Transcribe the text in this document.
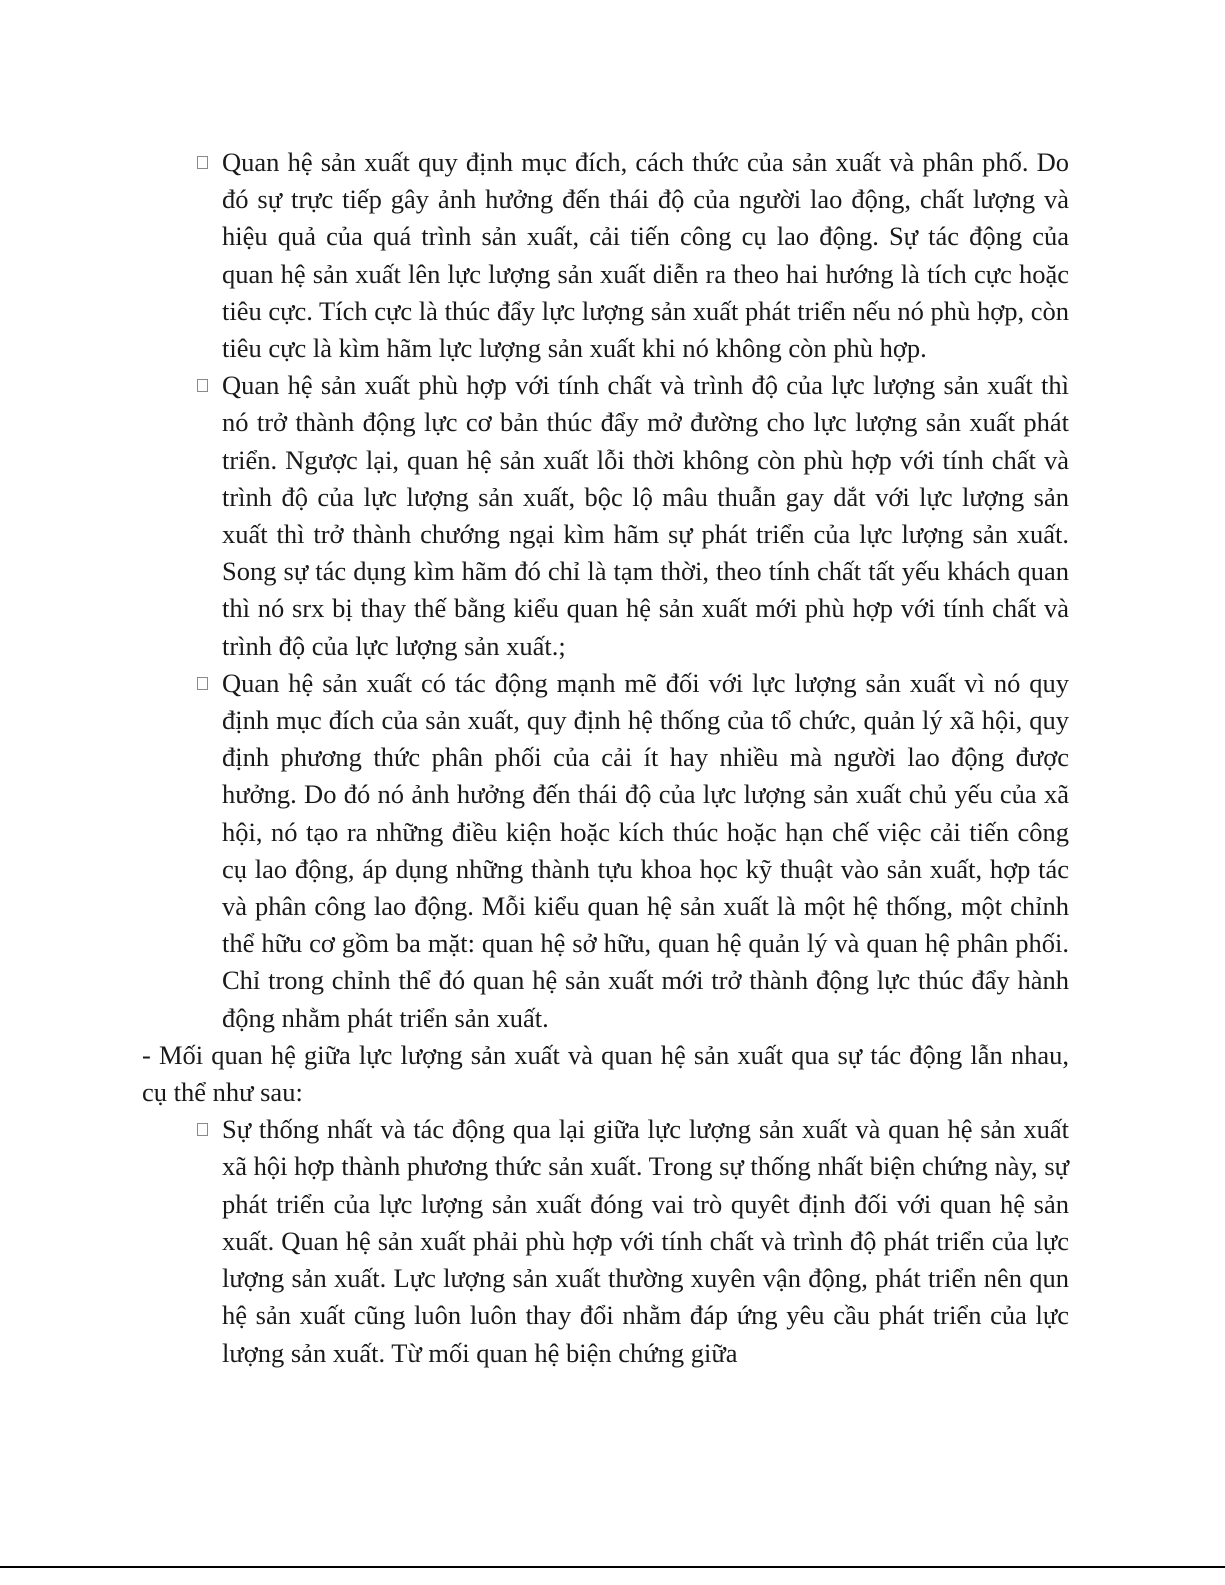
Quan hệ sản xuất quy định mục đích, cách thức của sản xuất và phân phố. Do đó sự trực tiếp gây ảnh hưởng đến thái độ của người lao động, chất lượng và hiệu quả của quá trình sản xuất, cải tiến công cụ lao động. Sự tác động của quan hệ sản xuất lên lực lượng sản xuất diễn ra theo hai hướng là tích cực hoặc tiêu cực. Tích cực là thúc đẩy lực lượng sản xuất phát triển nếu nó phù hợp, còn tiêu cực là kìm hãm lực lượng sản xuất khi nó không còn phù hợp.
Quan hệ sản xuất phù hợp với tính chất và trình độ của lực lượng sản xuất thì nó trở thành động lực cơ bản thúc đẩy mở đường cho lực lượng sản xuất phát triển. Ngược lại, quan hệ sản xuất lỗi thời không còn phù hợp với tính chất và trình độ của lực lượng sản xuất, bộc lộ mâu thuẫn gay dắt với lực lượng sản xuất thì trở thành chướng ngại kìm hãm sự phát triển của lực lượng sản xuất. Song sự tác dụng kìm hãm đó chỉ là tạm thời, theo tính chất tất yếu khách quan thì nó srx bị thay thế bằng kiểu quan hệ sản xuất mới phù hợp với tính chất và trình độ của lực lượng sản xuất.;
Quan hệ sản xuất có tác động mạnh mẽ đối với lực lượng sản xuất vì nó quy định mục đích của sản xuất, quy định hệ thống của tổ chức, quản lý xã hội, quy định phương thức phân phối của cải ít hay nhiều mà người lao động được hưởng. Do đó nó ảnh hưởng đến thái độ của lực lượng sản xuất chủ yếu của xã hội, nó tạo ra những điều kiện hoặc kích thúc hoặc hạn chế việc cải tiến công cụ lao động, áp dụng những thành tựu khoa học kỹ thuật vào sản xuất, hợp tác và phân công lao động. Mỗi kiểu quan hệ sản xuất là một hệ thống, một chỉnh thể hữu cơ gồm ba mặt: quan hệ sở hữu, quan hệ quản lý và quan hệ phân phối. Chỉ trong chỉnh thể đó quan hệ sản xuất mới trở thành động lực thúc đẩy hành động nhằm phát triển sản xuất.

- Mối quan hệ giữa lực lượng sản xuất và quan hệ sản xuất qua sự tác động lẫn nhau, cụ thể như sau:

Sự thống nhất và tác động qua lại giữa lực lượng sản xuất và quan hệ sản xuất xã hội hợp thành phương thức sản xuất. Trong sự thống nhất biện chứng này, sự phát triển của lực lượng sản xuất đóng vai trò quyêt định đối với quan hệ sản xuất. Quan hệ sản xuất phải phù hợp với tính chất và trình độ phát triển của lực lượng sản xuất. Lực lượng sản xuất thường xuyên vận động, phát triển nên qun hệ sản xuất cũng luôn luôn thay đổi nhằm đáp ứng yêu cầu phát triển của lực lượng sản xuất. Từ mối quan hệ biện chứng giữa
